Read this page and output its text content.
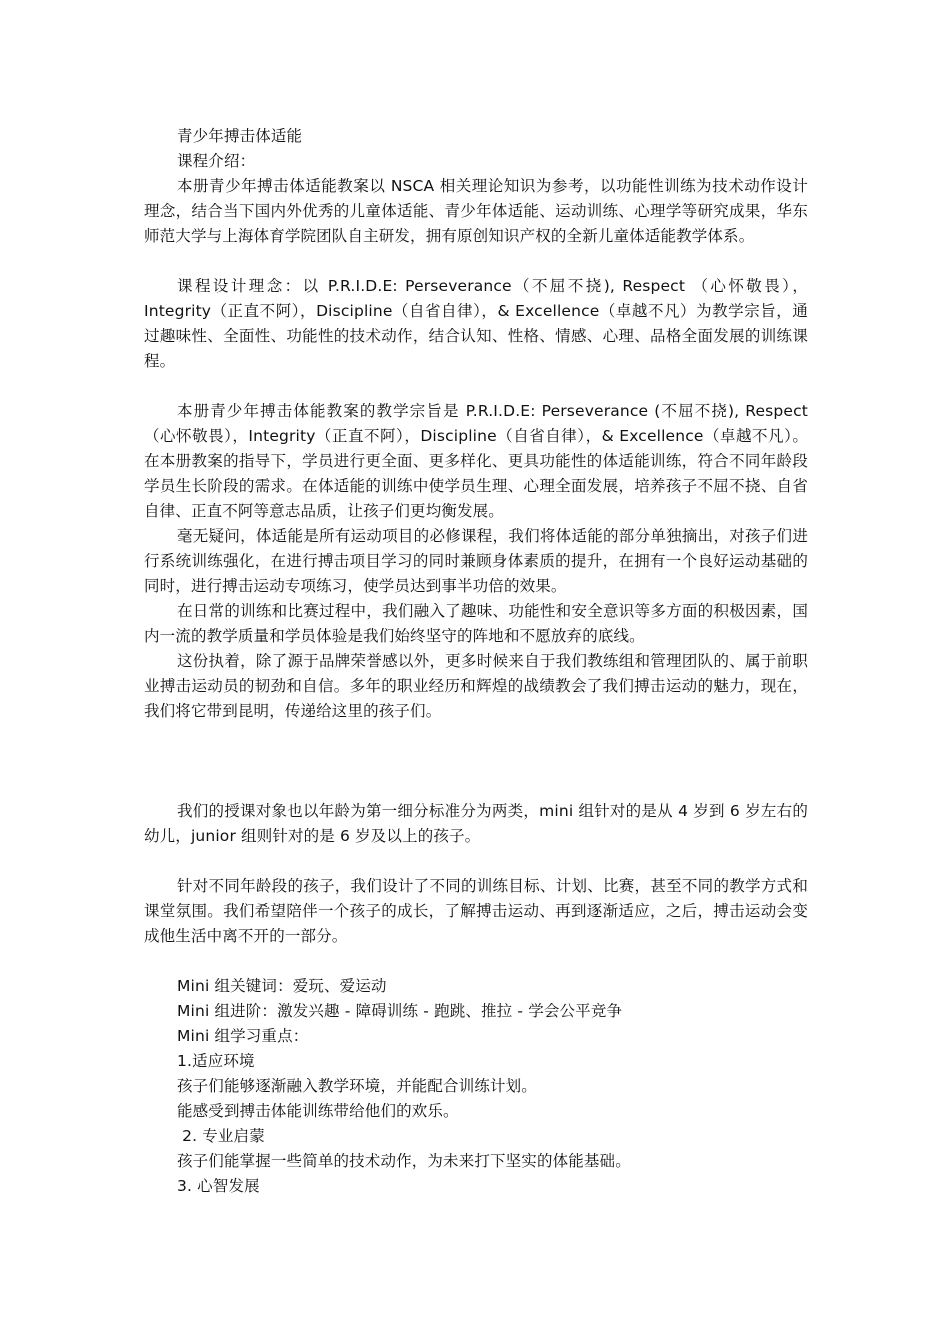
青少年搏击体适能

课程介绍：

本册青少年搏击体适能教案以 NSCA 相关理论知识为参考，以功能性训练为技术动作设计理念，结合当下国内外优秀的儿童体适能、青少年体适能、运动训练、心理学等研究成果，华东师范大学与上海体育学院团队自主研发，拥有原创知识产权的全新儿童体适能教学体系。

课程设计理念：以 P.R.I.D.E: Perseverance（不屈不挠), Respect （心怀敬畏），Integrity（正直不阿），Discipline（自省自律），& Excellence（卓越不凡）为教学宗旨，通过趣味性、全面性、功能性的技术动作，结合认知、性格、情感、心理、品格全面发展的训练课程。

本册青少年搏击体能教案的教学宗旨是 P.R.I.D.E: Perseverance (不屈不挠), Respect（心怀敬畏），Integrity（正直不阿），Discipline（自省自律），& Excellence（卓越不凡）。在本册教案的指导下，学员进行更全面、更多样化、更具功能性的体适能训练，符合不同年龄段学员生长阶段的需求。在体适能的训练中使学员生理、心理全面发展，培养孩子不屈不挠、自省自律、正直不阿等意志品质，让孩子们更均衡发展。

毫无疑问，体适能是所有运动项目的必修课程，我们将体适能的部分单独摘出，对孩子们进行系统训练强化，在进行搏击项目学习的同时兼顾身体素质的提升，在拥有一个良好运动基础的同时，进行搏击运动专项练习，使学员达到事半功倍的效果。

在日常的训练和比赛过程中，我们融入了趣味、功能性和安全意识等多方面的积极因素，国内一流的教学质量和学员体验是我们始终坚守的阵地和不愿放弃的底线。

这份执着，除了源于品牌荣誉感以外，更多时候来自于我们教练组和管理团队的、属于前职业搏击运动员的韧劲和自信。多年的职业经历和辉煌的战绩教会了我们搏击运动的魅力，现在，我们将它带到昆明，传递给这里的孩子们。

我们的授课对象也以年龄为第一细分标准分为两类，mini 组针对的是从 4 岁到 6 岁左右的幼儿，junior 组则针对的是 6 岁及以上的孩子。

针对不同年龄段的孩子，我们设计了不同的训练目标、计划、比赛，甚至不同的教学方式和课堂氛围。我们希望陪伴一个孩子的成长，了解搏击运动、再到逐渐适应，之后，搏击运动会变成他生活中离不开的一部分。

Mini 组关键词：爱玩、爱运动

Mini 组进阶：激发兴趣 - 障碍训练 - 跑跳、推拉 - 学会公平竞争

Mini 组学习重点：

1.适应环境

孩子们能够逐渐融入教学环境，并能配合训练计划。

能感受到搏击体能训练带给他们的欢乐。

2. 专业启蒙

孩子们能掌握一些简单的技术动作，为未来打下坚实的体能基础。

3. 心智发展
